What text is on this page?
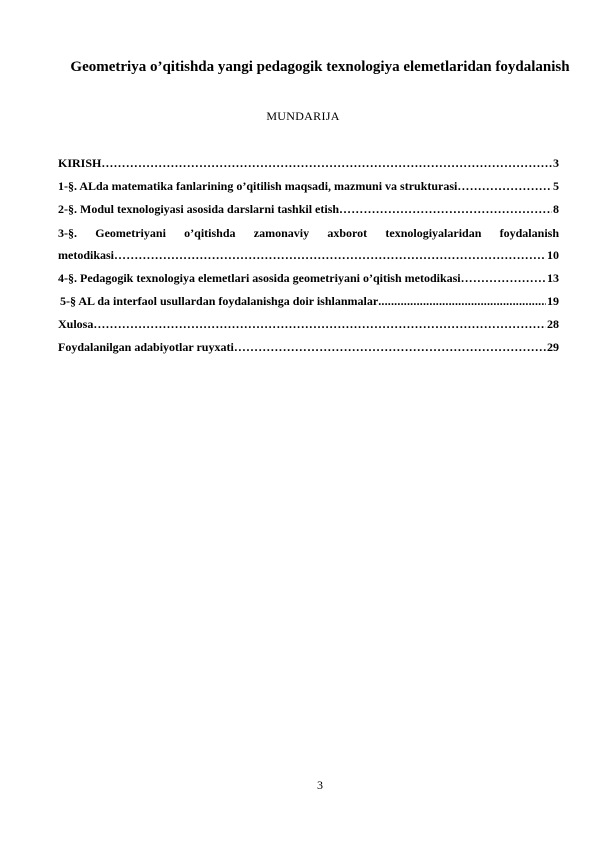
Geometriya o’qitishda yangi pedagogik texnologiya elemetlaridan foydalanish
MUNDARIJA
KIRISH ………………………………………………………………………………………………………………………………………………	3
1-§. ALda matematika fanlarining o’qitilish maqsadi, mazmuni va strukturasi ………………………………………………………………………………………………………………………………………………	5
2-§. Modul texnologiyasi asosida darslarni tashkil etish ………………………………………………………………………………………………………………………………………………	8
3-§. Geometriyani o’qitishda zamonaviy axborot texnologiyalaridan foydalanish
metodikasi ………………………………………………………………………………………………………………………………………………	10
4-§. Pedagogik texnologiya elemetlari asosida geometriyani o’qitish metodikasi ………………………………………………………………………………………………………………………………………………	13
5-§ AL da interfaol usullardan foydalanishga doir ishlanmalar .....	19
Xulosa ………………………………………………………………………………………………………………………………………………	28
Foydalanilgan adabiyotlar ruyxati ………………………………………………………………………………………………………………………………………………	29
3
